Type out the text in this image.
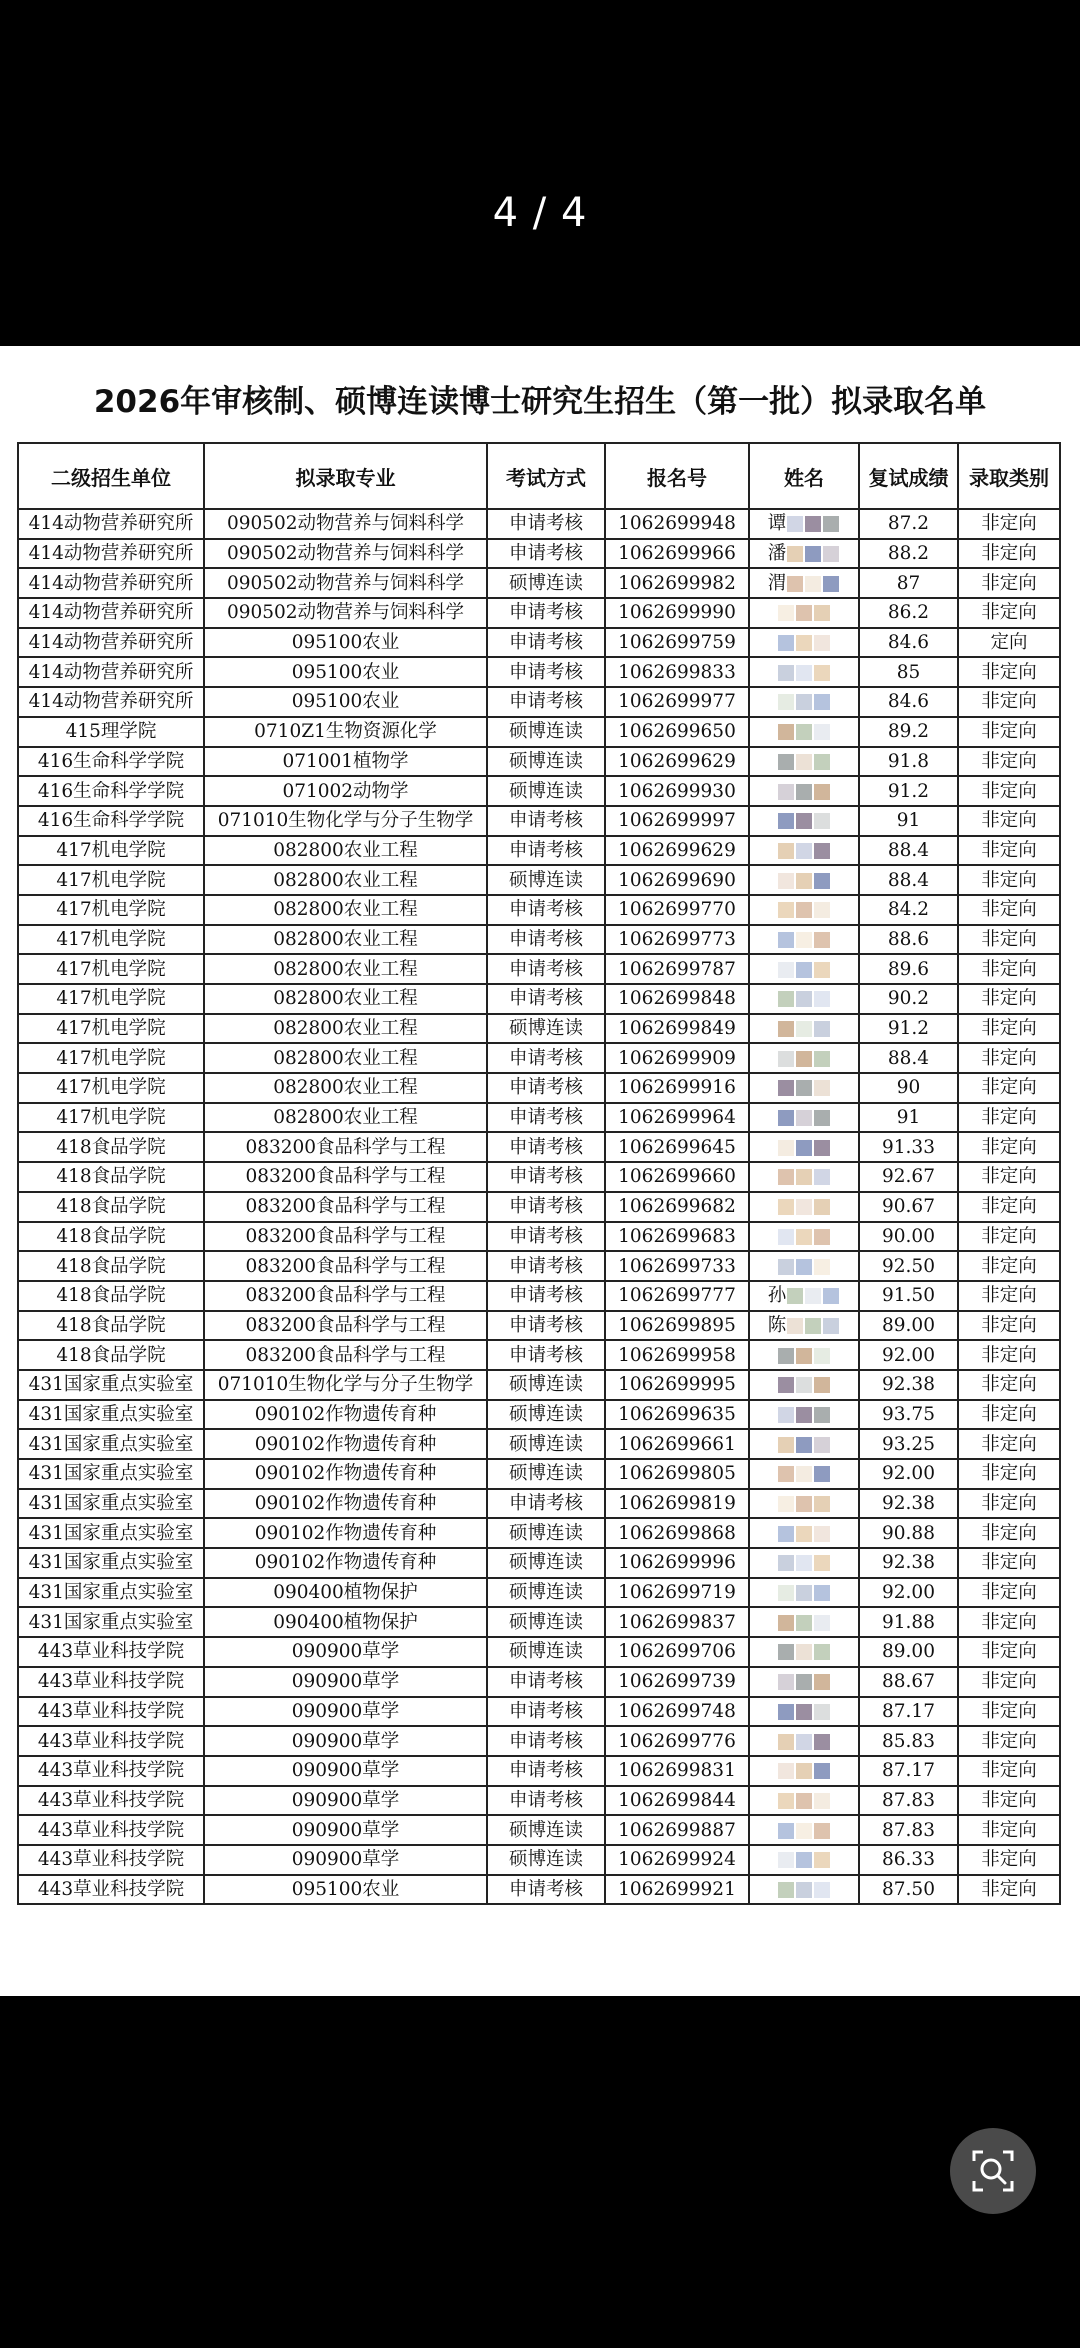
4 / 4
2026年审核制、硕博连读博士研究生招生（第一批）拟录取名单
二级招生单位	拟录取专业	考试方式	报名号	姓名	复试成绩	录取类别
414动物营养研究所	090502动物营养与饲料科学	申请考核	1062699948	谭	87.2	非定向
414动物营养研究所	090502动物营养与饲料科学	申请考核	1062699966	潘	88.2	非定向
414动物营养研究所	090502动物营养与饲料科学	硕博连读	1062699982	渭	87	非定向
414动物营养研究所	090502动物营养与饲料科学	申请考核	1062699990		86.2	非定向
414动物营养研究所	095100农业	申请考核	1062699759		84.6	定向
414动物营养研究所	095100农业	申请考核	1062699833		85	非定向
414动物营养研究所	095100农业	申请考核	1062699977		84.6	非定向
415理学院	0710Z1生物资源化学	硕博连读	1062699650		89.2	非定向
416生命科学学院	071001植物学	硕博连读	1062699629		91.8	非定向
416生命科学学院	071002动物学	硕博连读	1062699930		91.2	非定向
416生命科学学院	071010生物化学与分子生物学	申请考核	1062699997		91	非定向
417机电学院	082800农业工程	申请考核	1062699629		88.4	非定向
417机电学院	082800农业工程	硕博连读	1062699690		88.4	非定向
417机电学院	082800农业工程	申请考核	1062699770		84.2	非定向
417机电学院	082800农业工程	申请考核	1062699773		88.6	非定向
417机电学院	082800农业工程	申请考核	1062699787		89.6	非定向
417机电学院	082800农业工程	申请考核	1062699848		90.2	非定向
417机电学院	082800农业工程	硕博连读	1062699849		91.2	非定向
417机电学院	082800农业工程	申请考核	1062699909		88.4	非定向
417机电学院	082800农业工程	申请考核	1062699916		90	非定向
417机电学院	082800农业工程	申请考核	1062699964		91	非定向
418食品学院	083200食品科学与工程	申请考核	1062699645		91.33	非定向
418食品学院	083200食品科学与工程	申请考核	1062699660		92.67	非定向
418食品学院	083200食品科学与工程	申请考核	1062699682		90.67	非定向
418食品学院	083200食品科学与工程	申请考核	1062699683		90.00	非定向
418食品学院	083200食品科学与工程	申请考核	1062699733		92.50	非定向
418食品学院	083200食品科学与工程	申请考核	1062699777	孙	91.50	非定向
418食品学院	083200食品科学与工程	申请考核	1062699895	陈	89.00	非定向
418食品学院	083200食品科学与工程	申请考核	1062699958		92.00	非定向
431国家重点实验室	071010生物化学与分子生物学	硕博连读	1062699995		92.38	非定向
431国家重点实验室	090102作物遗传育种	硕博连读	1062699635		93.75	非定向
431国家重点实验室	090102作物遗传育种	硕博连读	1062699661		93.25	非定向
431国家重点实验室	090102作物遗传育种	硕博连读	1062699805		92.00	非定向
431国家重点实验室	090102作物遗传育种	申请考核	1062699819		92.38	非定向
431国家重点实验室	090102作物遗传育种	硕博连读	1062699868		90.88	非定向
431国家重点实验室	090102作物遗传育种	硕博连读	1062699996		92.38	非定向
431国家重点实验室	090400植物保护	硕博连读	1062699719		92.00	非定向
431国家重点实验室	090400植物保护	硕博连读	1062699837		91.88	非定向
443草业科技学院	090900草学	硕博连读	1062699706		89.00	非定向
443草业科技学院	090900草学	申请考核	1062699739		88.67	非定向
443草业科技学院	090900草学	申请考核	1062699748		87.17	非定向
443草业科技学院	090900草学	申请考核	1062699776		85.83	非定向
443草业科技学院	090900草学	申请考核	1062699831		87.17	非定向
443草业科技学院	090900草学	申请考核	1062699844		87.83	非定向
443草业科技学院	090900草学	硕博连读	1062699887		87.83	非定向
443草业科技学院	090900草学	硕博连读	1062699924		86.33	非定向
443草业科技学院	095100农业	申请考核	1062699921		87.50	非定向
